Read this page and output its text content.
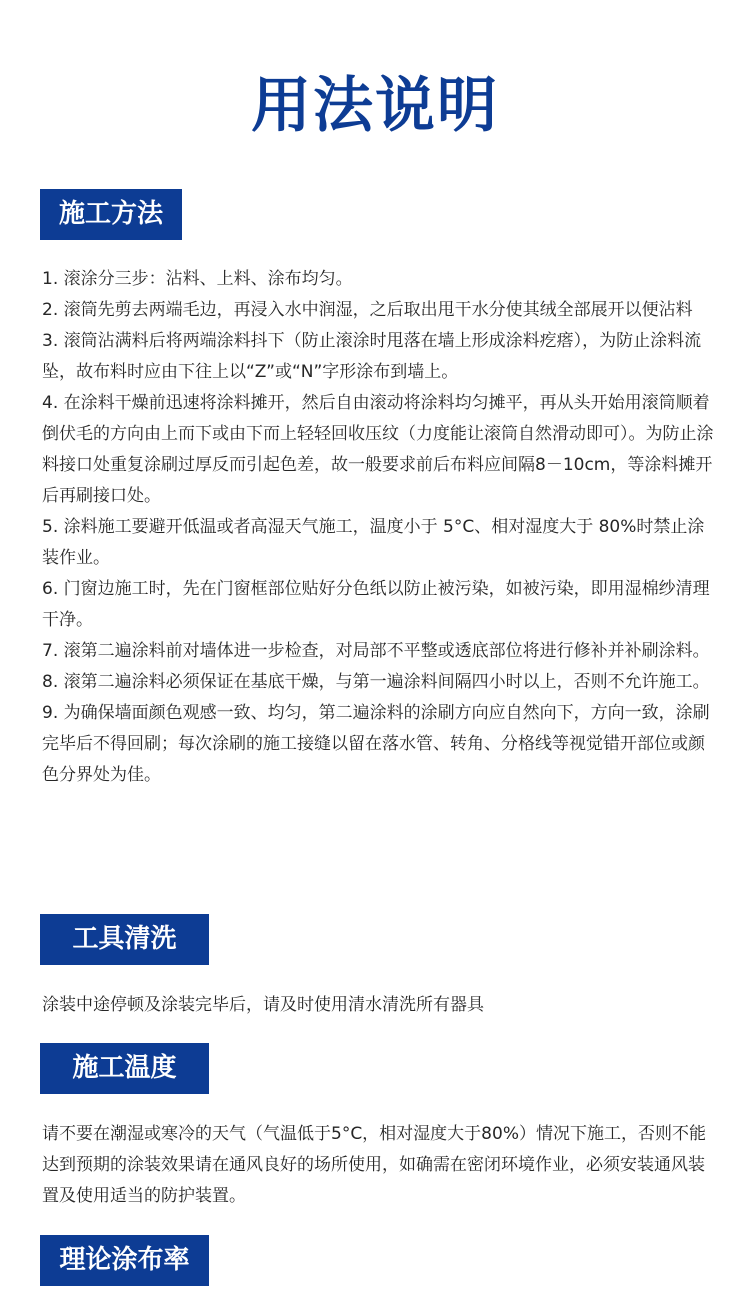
用法说明
施工方法

1. 滚涂分三步：沾料、上料、涂布均匀。

2. 滚筒先剪去两端毛边，再浸入水中润湿，之后取出甩干水分使其绒全部展开以便沾料

3. 滚筒沾满料后将两端涂料抖下（防止滚涂时甩落在墙上形成涂料疙瘩），为防止涂料流坠，故布料时应由下往上以“Z”或“N”字形涂布到墙上。

4. 在涂料干燥前迅速将涂料摊开，然后自由滚动将涂料均匀摊平，再从头开始用滚筒顺着倒伏毛的方向由上而下或由下而上轻轻回收压纹（力度能让滚筒自然滑动即可）。为防止涂料接口处重复涂刷过厚反而引起色差，故一般要求前后布料应间隔8－10cm，等涂料摊开后再刷接口处。

5. 涂料施工要避开低温或者高湿天气施工，温度小于 5°C、相对湿度大于 80%时禁止涂装作业。

6. 门窗边施工时，先在门窗框部位贴好分色纸以防止被污染，如被污染，即用湿棉纱清理干净。

7. 滚第二遍涂料前对墙体进一步检查，对局部不平整或透底部位将进行修补并补刷涂料。

8. 滚第二遍涂料必须保证在基底干燥，与第一遍涂料间隔四小时以上，否则不允许施工。

9. 为确保墙面颜色观感一致、均匀，第二遍涂料的涂刷方向应自然向下，方向一致，涂刷完毕后不得回刷；每次涂刷的施工接缝以留在落水管、转角、分格线等视觉错开部位或颜色分界处为佳。

工具清洗

涂装中途停顿及涂装完毕后，请及时使用清水清洗所有器具

施工温度

请不要在潮湿或寒冷的天气（气温低于5°C，相对湿度大于80%）情况下施工，否则不能达到预期的涂装效果请在通风良好的场所使用，如确需在密闭环境作业，必须安装通风装置及使用适当的防护装置。

理论涂布率
